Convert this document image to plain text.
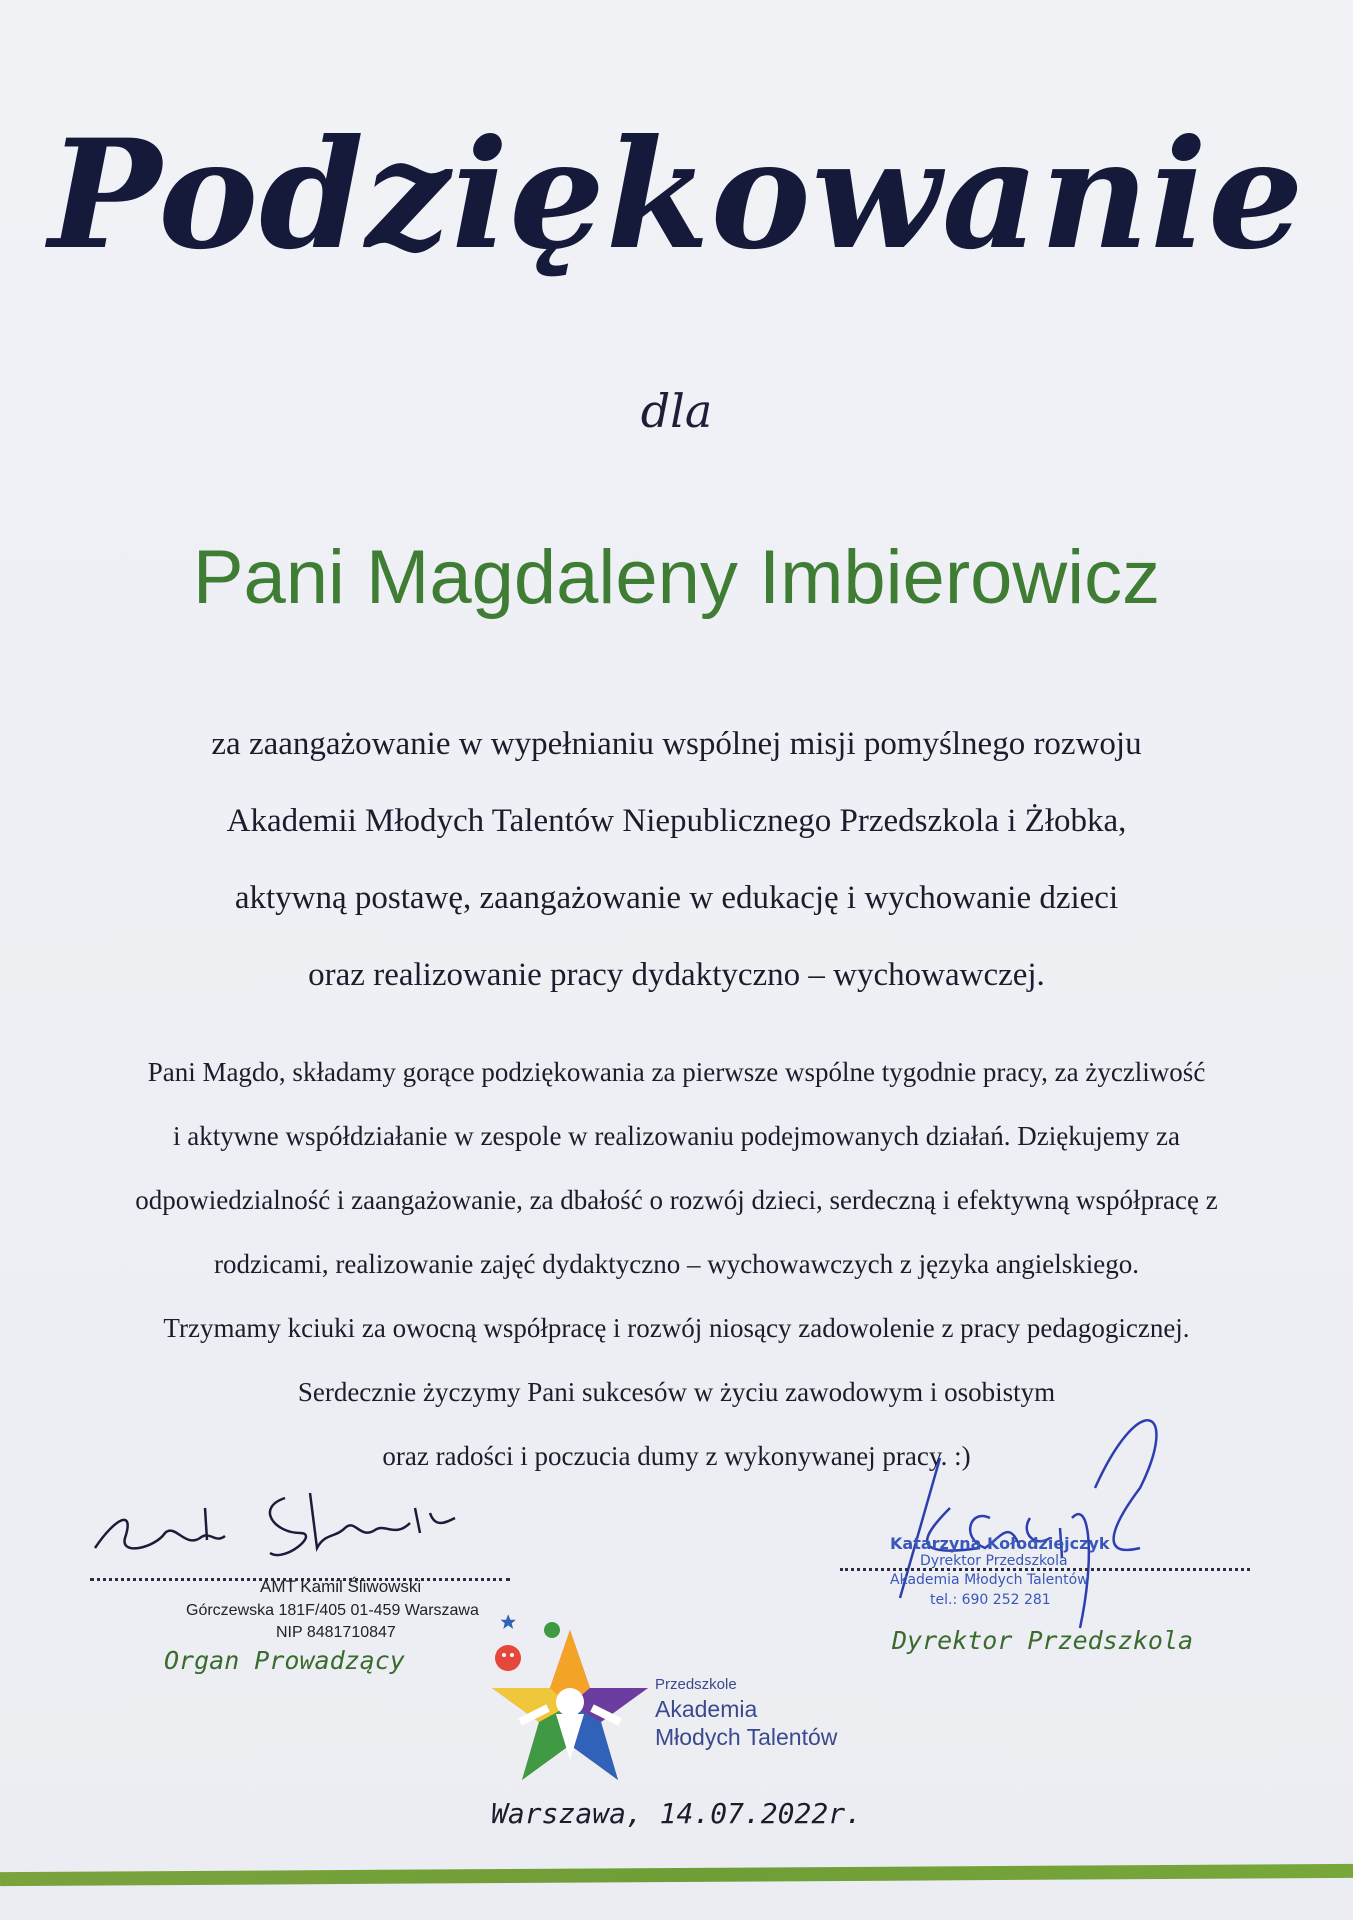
Podziękowanie
dla
Pani Magdaleny Imbierowicz
za zaangażowanie w wypełnianiu wspólnej misji pomyślnego rozwoju
Akademii Młodych Talentów Niepublicznego Przedszkola i Żłobka,
aktywną postawę, zaangażowanie w edukację i wychowanie dzieci
oraz realizowanie pracy dydaktyczno – wychowawczej.
Pani Magdo, składamy gorące podziękowania za pierwsze wspólne tygodnie pracy, za życzliwość
i aktywne współdziałanie w zespole w realizowaniu podejmowanych działań. Dziękujemy za
odpowiedzialność i zaangażowanie, za dbałość o rozwój dzieci, serdeczną i efektywną współpracę z
rodzicami, realizowanie zajęć dydaktyczno – wychowawczych z języka angielskiego.
Trzymamy kciuki za owocną współpracę i rozwój niosący zadowolenie z pracy pedagogicznej.
Serdecznie życzymy Pani sukcesów w życiu zawodowym i osobistym
oraz radości i poczucia dumy z wykonywanej pracy. :)
AMT Kamil Śliwowski
Górczewska 181F/405 01-459 Warszawa
NIP 8481710847
Organ Prowadzący
Katarzyna Kołodziejczyk
Dyrektor Przedszkola
Akademia Młodych Talentów
tel.: 690 252 281
Dyrektor Przedszkola
Przedszkole
Akademia
Młodych Talentów
Warszawa, 14.07.2022r.
